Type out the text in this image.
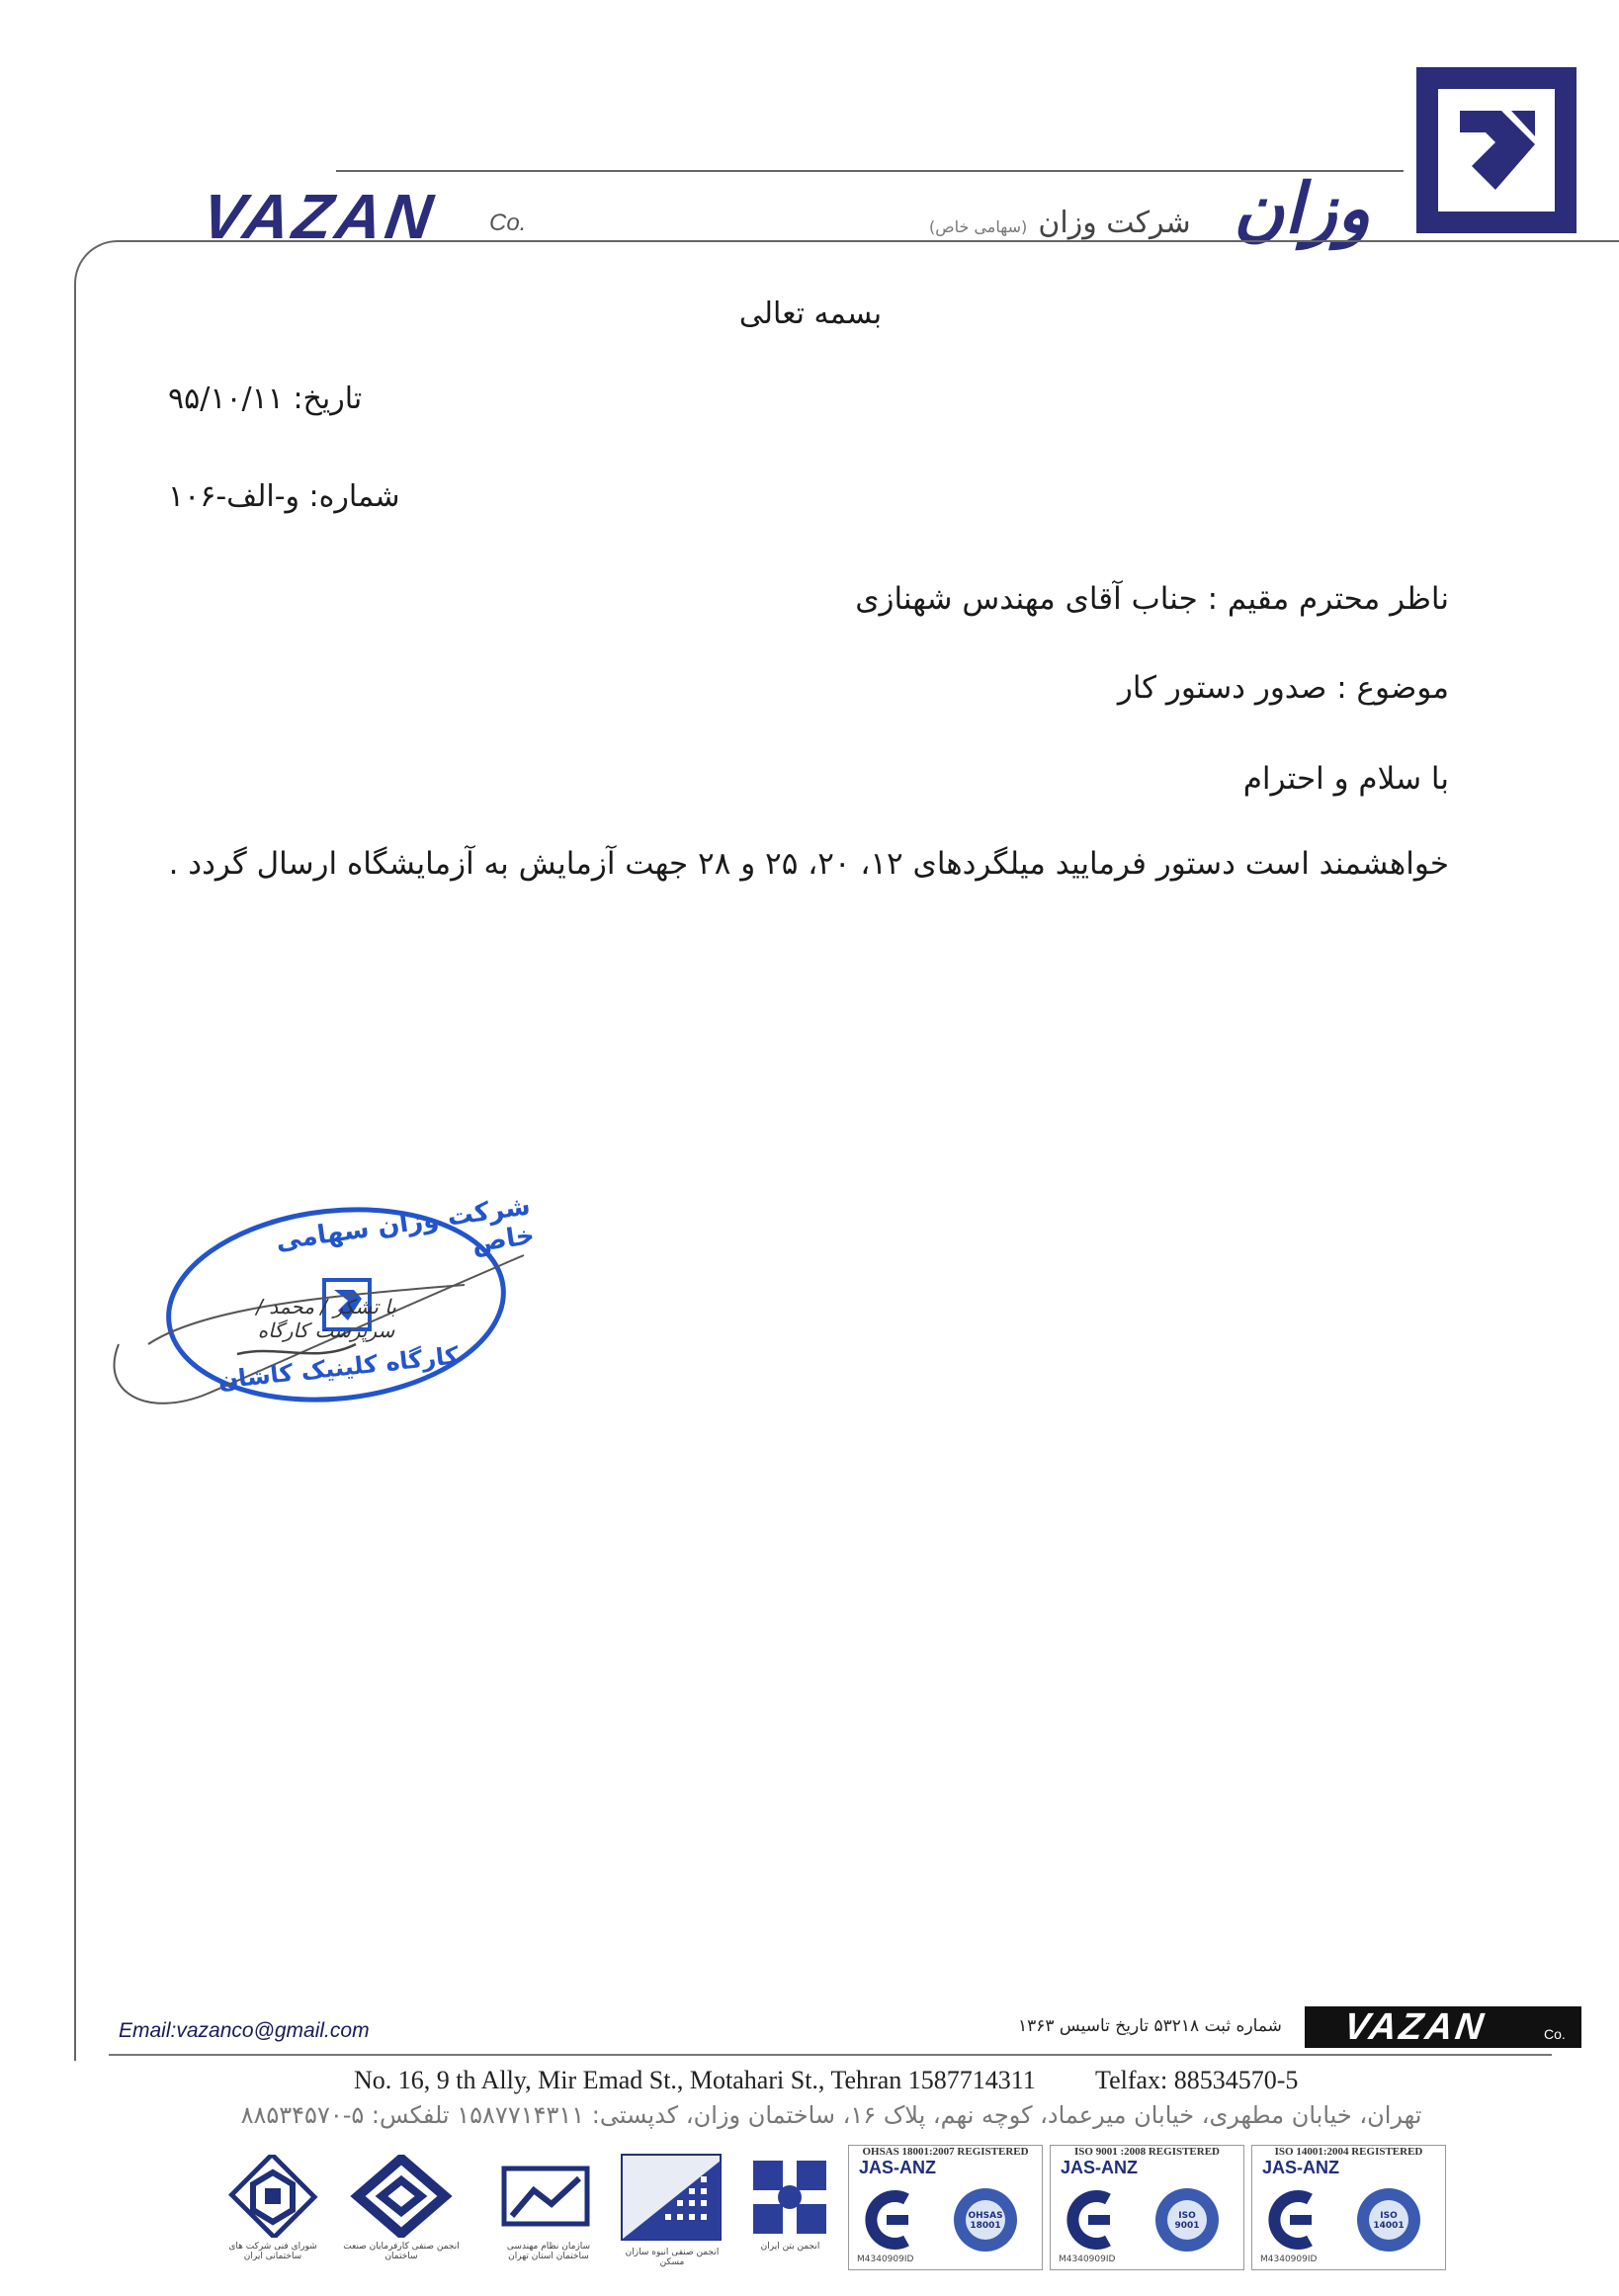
VAZAN Co.	(سهامی خاص) شرکت وزان وزان
بسمه تعالی
تاریخ: ۹۵/۱۰/۱۱
شماره: و-الف-۱۰۶
ناظر محترم مقیم : جناب آقای مهندس شهنازی
موضوع : صدور دستور کار
با سلام و احترام
خواهشمند است دستور فرمایید میلگردهای ۱۲، ۲۰، ۲۵ و ۲۸ جهت آزمایش به آزمایشگاه ارسال گردد .
شرکت وزان سهامی خاص
کارگاه کلینیک کاشان
با تشکر / محمد / سرپرست کارگاه
Email:vazanco@gmail.com	شماره ثبت ۵۳۲۱۸ تاریخ تاسیس ۱۳۶۳ VAZAN	Co.
No. 16, 9 th Ally, Mir Emad St., Motahari St., Tehran 1587714311 Telfax: 88534570-5
تهران، خیابان مطهری، خیابان میرعماد، کوچه نهم، پلاک ۱۶، ساختمان وزان، کدپستی: ۱۵۸۷۷۱۴۳۱۱ تلفکس: ۵-۸۸۵۳۴۵۷۰
شورای فنی شرکت های ساختمانی ایران
انجمن صنفی کارفرمایان صنعت ساختمان
سازمان نظام مهندسی ساختمان استان تهران	انجمن صنفی انبوه سازان مسکن
انجمن بتن ایران
OHSAS 18001:2007 REGISTERED
JAS-ANZ
OHSAS 18001
M4340909ID
ISO 9001 :2008 REGISTERED
JAS-ANZ
ISO 9001
M4340909ID
ISO 14001:2004 REGISTERED
JAS-ANZ
ISO 14001
M4340909ID
